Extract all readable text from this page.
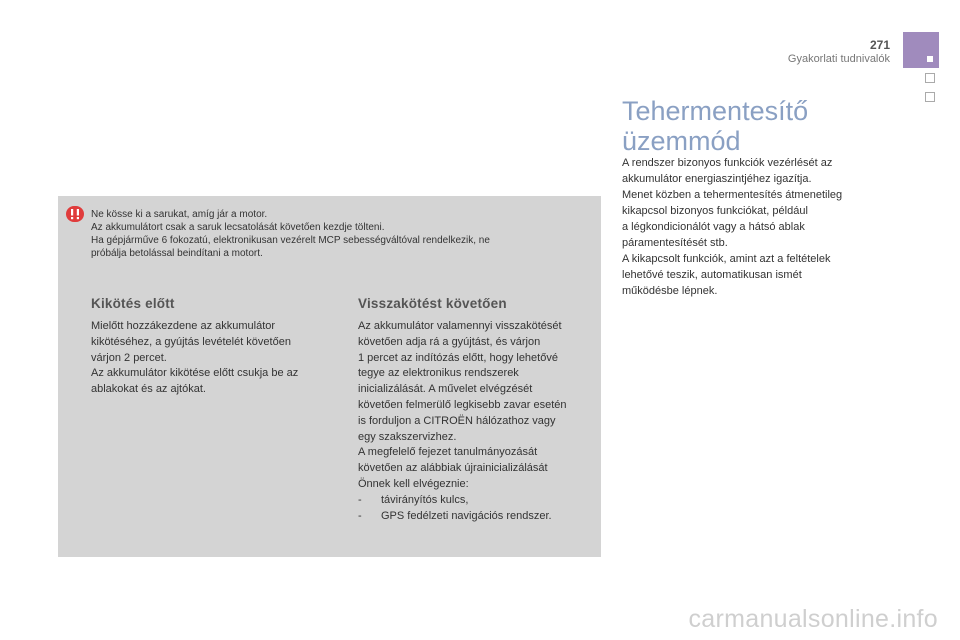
271
Gyakorlati tudnivalók
Tehermentesítő
üzemmód

A rendszer bizonyos funkciók vezérlését az
akkumulátor energiaszintjéhez igazítja.
Menet közben a tehermentesítés átmenetileg
kikapcsol bizonyos funkciókat, például
a légkondicionálót vagy a hátsó ablak
páramentesítését stb.
A kikapcsolt funkciók, amint azt a feltételek
lehetővé teszik, automatikusan ismét
működésbe lépnek.

Ne kösse ki a sarukat, amíg jár a motor.
Az akkumulátort csak a saruk lecsatolását követően kezdje tölteni.
Ha gépjárműve 6 fokozatú, elektronikusan vezérelt MCP sebességváltóval rendelkezik, ne
próbálja betolással beindítani a motort.

Kikötés előtt

Mielőtt hozzákezdene az akkumulátor
kikötéséhez, a gyújtás levételét követően
várjon 2 percet.
Az akkumulátor kikötése előtt csukja be az
ablakokat és az ajtókat.

Visszakötést követően
Az akkumulátor valamennyi visszakötését
követően adja rá a gyújtást, és várjon
1 percet az indítózás előtt, hogy lehetővé
tegye az elektronikus rendszerek
inicializálását. A művelet elvégzését
követően felmerülő legkisebb zavar esetén
is forduljon a CITROËN hálózathoz vagy
egy szakszervizhez.
A megfelelő fejezet tanulmányozását
követően az alábbiak újrainicializálását
Önnek kell elvégeznie:
-	távirányítós kulcs,
-	GPS fedélzeti navigációs rendszer.
carmanualsonline.info
